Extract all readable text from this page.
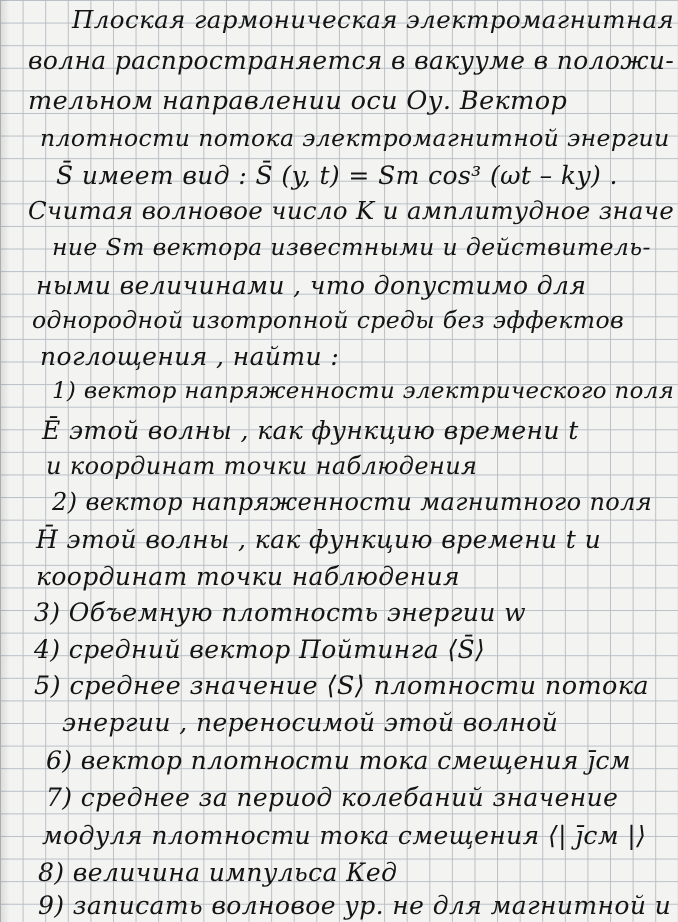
Плоская гармоническая электромагнитная
волна распространяется в вакууме в положи-
тельном направлении оси Оу. Вектор
плотности потока электромагнитной энергии
S̄ имеет вид : S̄ (y, t) = Sm cos³ (ωt – ky) .
Считая волновое число K и амплитудное значе
ние Sm вектора известными и действитель-
ными величинами , что допустимо для
однородной изотропной среды без эффектов
поглощения , найти :
1) вектор напряженности электрического поля
Ē этой волны , как функцию времени t
и координат точки наблюдения
2) вектор напряженности магнитного поля
H̄ этой волны , как функцию времени t и
координат точки наблюдения
3) Объемную плотность энергии w
4) средний вектор Пойтинга ⟨S̄⟩
5) среднее значение ⟨S⟩ плотности потока
энергии , переносимой этой волной
6) вектор плотности тока смещения j̄см
7) среднее за период колебаний значение
модуля плотности тока смещения ⟨| j̄см |⟩
8) величина импульса Кед
9) записать волновое ур. не для магнитной и
